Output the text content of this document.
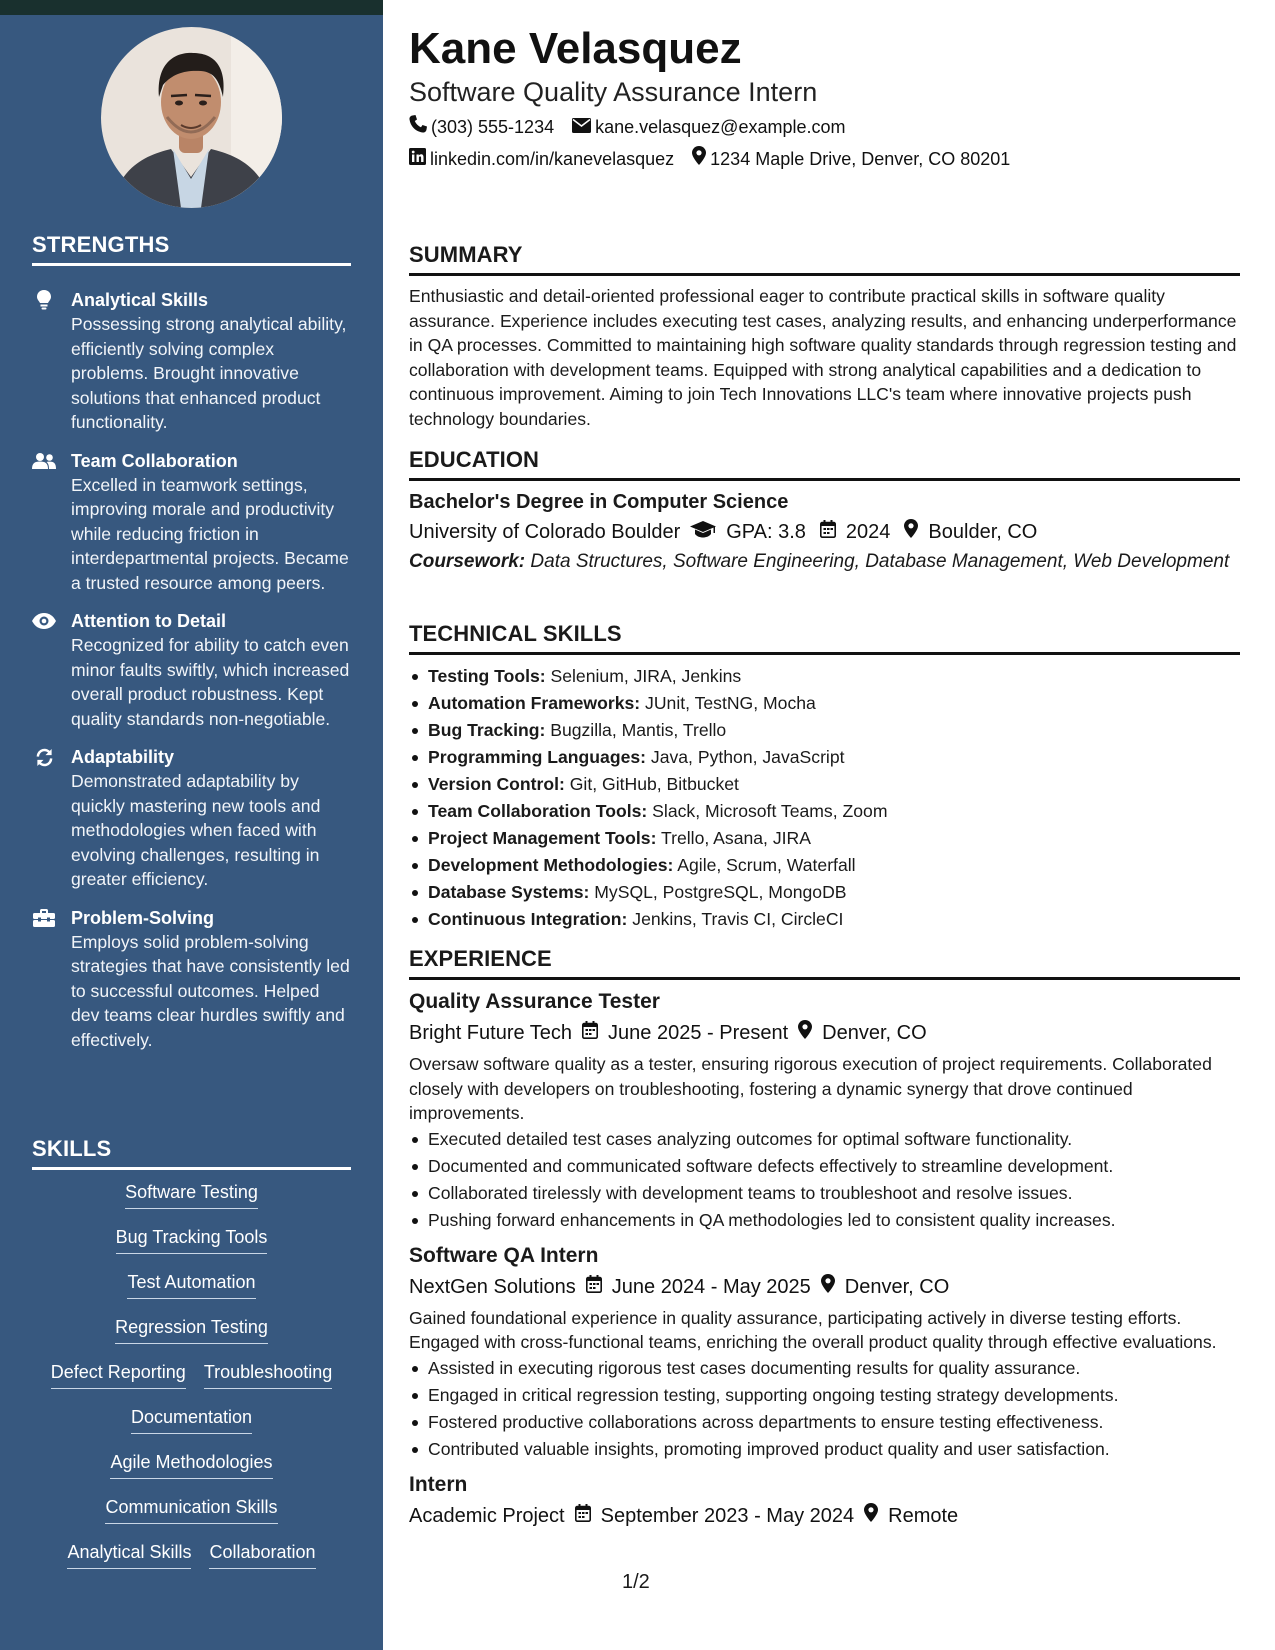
STRENGTHS
Analytical Skills
Possessing strong analytical ability, efficiently solving complex problems. Brought innovative solutions that enhanced product functionality.
Team Collaboration
Excelled in teamwork settings, improving morale and productivity while reducing friction in interdepartmental projects. Became a trusted resource among peers.
Attention to Detail
Recognized for ability to catch even minor faults swiftly, which increased overall product robustness. Kept quality standards non-negotiable.
Adaptability
Demonstrated adaptability by quickly mastering new tools and methodologies when faced with evolving challenges, resulting in greater efficiency.
Problem-Solving
Employs solid problem-solving strategies that have consistently led to successful outcomes. Helped dev teams clear hurdles swiftly and effectively.
SKILLS
Software Testing
Bug Tracking Tools
Test Automation
Regression Testing
Defect Reporting Troubleshooting
Documentation
Agile Methodologies
Communication Skills
Analytical Skills Collaboration
Kane Velasquez
Software Quality Assurance Intern
(303) 555-1234 kane.velasquez@example.com
linkedin.com/in/kanevelasquez 1234 Maple Drive, Denver, CO 80201
SUMMARY
Enthusiastic and detail-oriented professional eager to contribute practical skills in software quality assurance. Experience includes executing test cases, analyzing results, and enhancing underperformance in QA processes. Committed to maintaining high software quality standards through regression testing and collaboration with development teams. Equipped with strong analytical capabilities and a dedication to continuous improvement. Aiming to join Tech Innovations LLC's team where innovative projects push technology boundaries.
EDUCATION
Bachelor's Degree in Computer Science
University of Colorado Boulder GPA: 3.8 2024 Boulder, CO
Coursework: Data Structures, Software Engineering, Database Management, Web Development
TECHNICAL SKILLS
Testing Tools: Selenium, JIRA, Jenkins
Automation Frameworks: JUnit, TestNG, Mocha
Bug Tracking: Bugzilla, Mantis, Trello
Programming Languages: Java, Python, JavaScript
Version Control: Git, GitHub, Bitbucket
Team Collaboration Tools: Slack, Microsoft Teams, Zoom
Project Management Tools: Trello, Asana, JIRA
Development Methodologies: Agile, Scrum, Waterfall
Database Systems: MySQL, PostgreSQL, MongoDB
Continuous Integration: Jenkins, Travis CI, CircleCI
EXPERIENCE
Quality Assurance Tester
Bright Future Tech June 2025 - Present Denver, CO
Oversaw software quality as a tester, ensuring rigorous execution of project requirements. Collaborated closely with developers on troubleshooting, fostering a dynamic synergy that drove continued improvements.
Executed detailed test cases analyzing outcomes for optimal software functionality.
Documented and communicated software defects effectively to streamline development.
Collaborated tirelessly with development teams to troubleshoot and resolve issues.
Pushing forward enhancements in QA methodologies led to consistent quality increases.
Software QA Intern
NextGen Solutions June 2024 - May 2025 Denver, CO
Gained foundational experience in quality assurance, participating actively in diverse testing efforts. Engaged with cross-functional teams, enriching the overall product quality through effective evaluations.
Assisted in executing rigorous test cases documenting results for quality assurance.
Engaged in critical regression testing, supporting ongoing testing strategy developments.
Fostered productive collaborations across departments to ensure testing effectiveness.
Contributed valuable insights, promoting improved product quality and user satisfaction.
Intern
Academic Project September 2023 - May 2024 Remote
1/2
